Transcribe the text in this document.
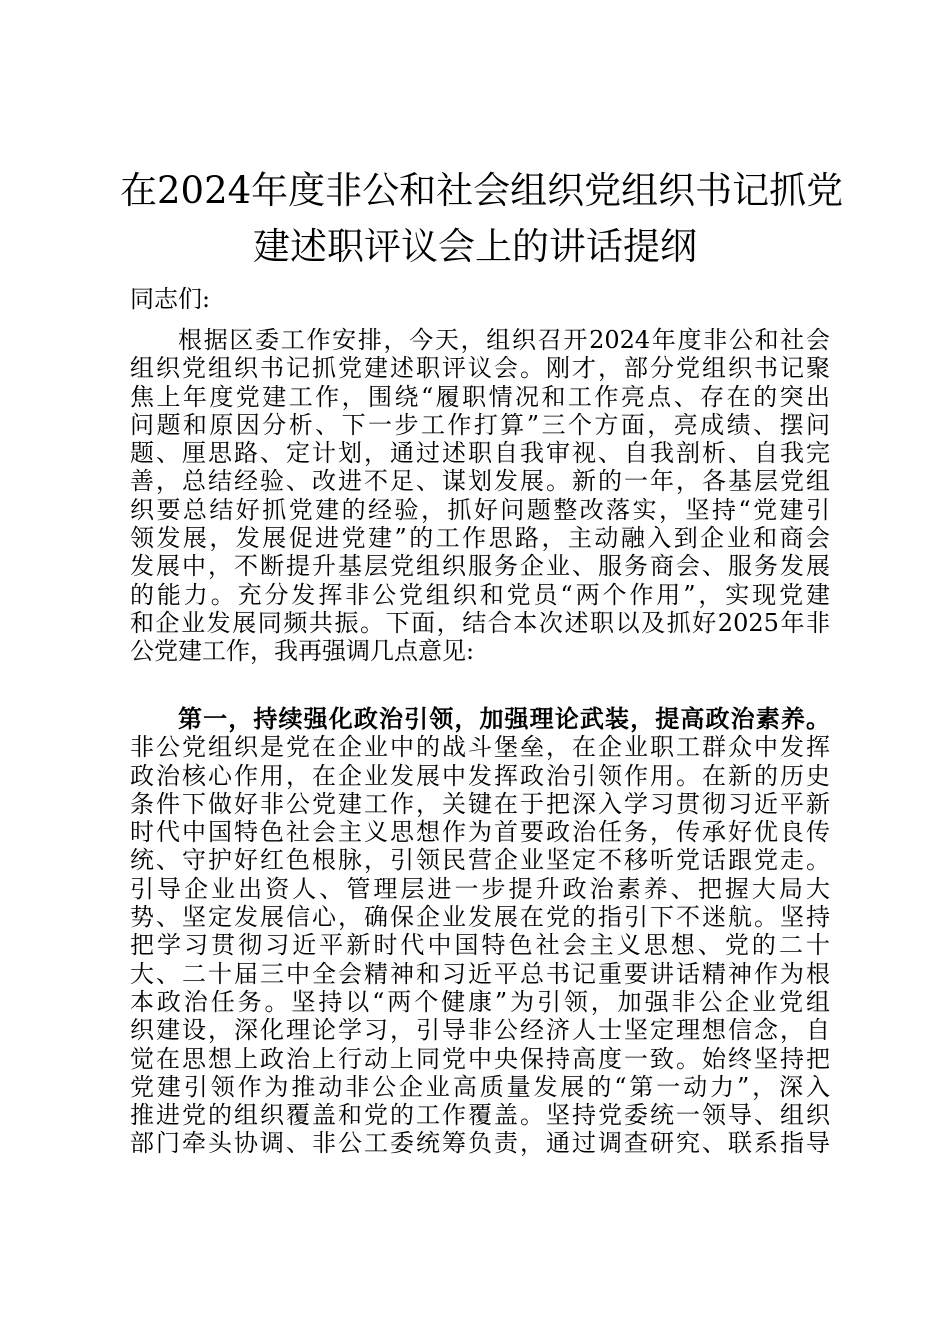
在2024年度非公和社会组织党组织书记抓党
建述职评议会上的讲话提纲

同志们:

根据区委工作安排，今天，组织召开2024年度非公和社会
组织党组织书记抓党建述职评议会。刚才，部分党组织书记聚
焦上年度党建工作，围绕“履职情况和工作亮点、存在的突出
问题和原因分析、下一步工作打算”三个方面，亮成绩、摆问
题、厘思路、定计划，通过述职自我审视、自我剖析、自我完
善，总结经验、改进不足、谋划发展。新的一年，各基层党组
织要总结好抓党建的经验，抓好问题整改落实，坚持“党建引
领发展，发展促进党建”的工作思路，主动融入到企业和商会
发展中，不断提升基层党组织服务企业、服务商会、服务发展
的能力。充分发挥非公党组织和党员“两个作用”，实现党建
和企业发展同频共振。下面，结合本次述职以及抓好2025年非
公党建工作，我再强调几点意见:
第一，持续强化政治引领，加强理论武装，提高政治素养。
非公党组织是党在企业中的战斗堡垒，在企业职工群众中发挥
政治核心作用，在企业发展中发挥政治引领作用。在新的历史
条件下做好非公党建工作，关键在于把深入学习贯彻习近平新
时代中国特色社会主义思想作为首要政治任务，传承好优良传
统、守护好红色根脉，引领民营企业坚定不移听党话跟党走。
引导企业出资人、管理层进一步提升政治素养、把握大局大
势、坚定发展信心，确保企业发展在党的指引下不迷航。坚持
把学习贯彻习近平新时代中国特色社会主义思想、党的二十
大、二十届三中全会精神和习近平总书记重要讲话精神作为根
本政治任务。坚持以“两个健康”为引领，加强非公企业党组
织建设，深化理论学习，引导非公经济人士坚定理想信念，自
觉在思想上政治上行动上同党中央保持高度一致。始终坚持把
党建引领作为推动非公企业高质量发展的“第一动力”，深入
推进党的组织覆盖和党的工作覆盖。坚持党委统一领导、组织
部门牵头协调、非公工委统筹负责，通过调查研究、联系指导
